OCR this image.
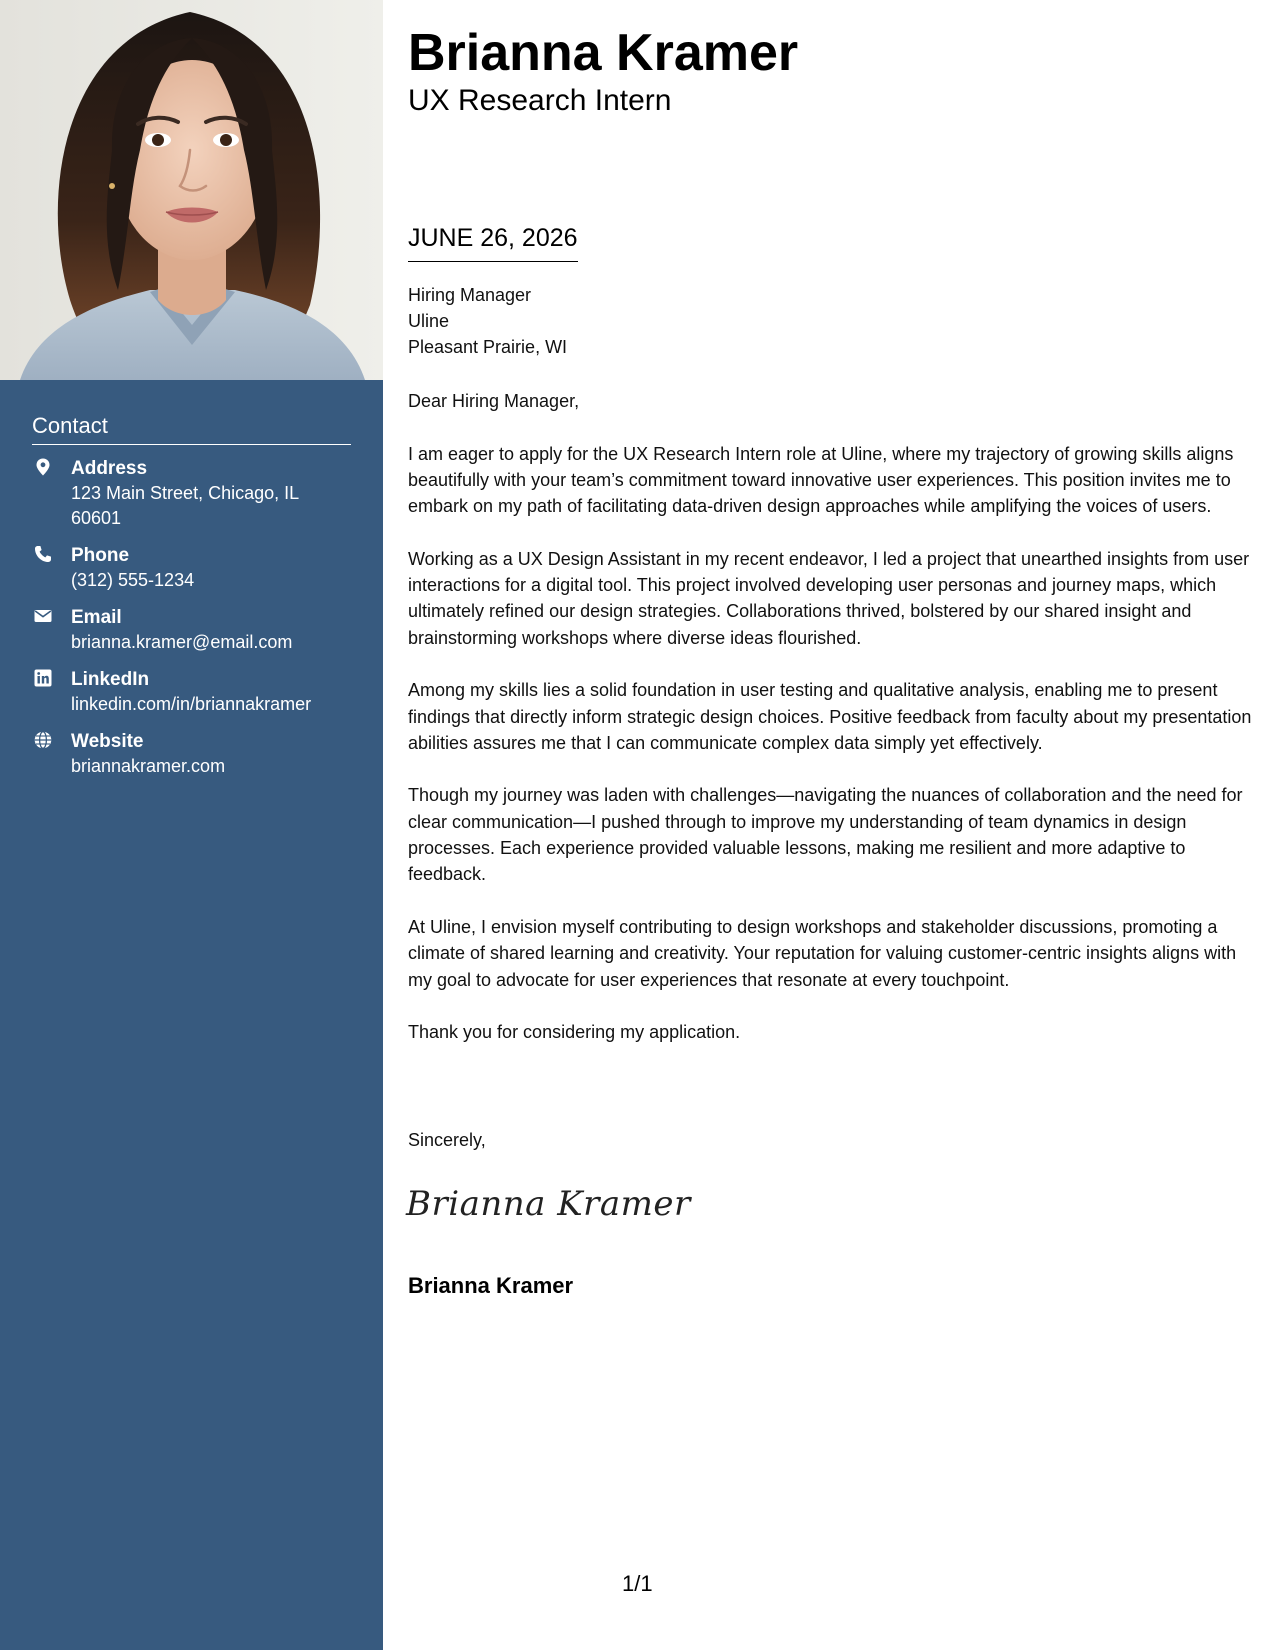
Contact
Address
123 Main Street, Chicago, IL 60601
Phone
(312) 555-1234
Email
brianna.kramer@email.com
LinkedIn
linkedin.com/in/briannakramer
Website
briannakramer.com
Brianna Kramer
UX Research Intern
JUNE 26, 2026
Hiring Manager
Uline
Pleasant Prairie, WI

Dear Hiring Manager,

I am eager to apply for the UX Research Intern role at Uline, where my trajectory of growing skills aligns beautifully with your team’s commitment toward innovative user experiences. This position invites me to embark on my path of facilitating data-driven design approaches while amplifying the voices of users.

Working as a UX Design Assistant in my recent endeavor, I led a project that unearthed insights from user interactions for a digital tool. This project involved developing user personas and journey maps, which ultimately refined our design strategies. Collaborations thrived, bolstered by our shared insight and brainstorming workshops where diverse ideas flourished.

Among my skills lies a solid foundation in user testing and qualitative analysis, enabling me to present findings that directly inform strategic design choices. Positive feedback from faculty about my presentation abilities assures me that I can communicate complex data simply yet effectively.

Though my journey was laden with challenges—navigating the nuances of collaboration and the need for clear communication—I pushed through to improve my understanding of team dynamics in design processes. Each experience provided valuable lessons, making me resilient and more adaptive to feedback.

At Uline, I envision myself contributing to design workshops and stakeholder discussions, promoting a climate of shared learning and creativity. Your reputation for valuing customer-centric insights aligns with my goal to advocate for user experiences that resonate at every touchpoint.

Thank you for considering my application.

Sincerely,

Brianna Kramer

Brianna Kramer

1/1
